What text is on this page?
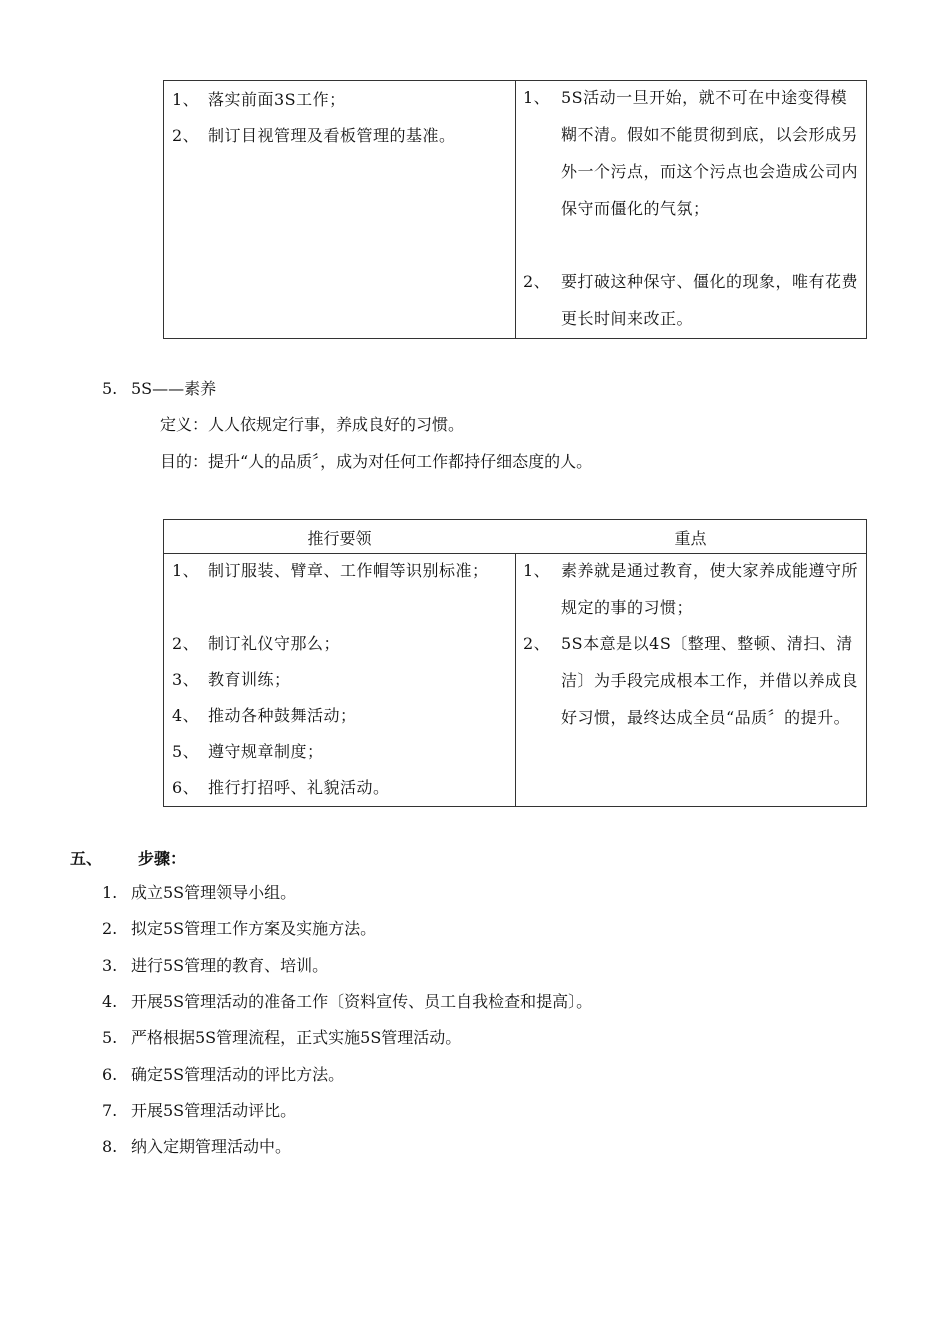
1、 落实前面3S工作；
2、 制订目视管理及看板管理的基准。
1、 5S活动一旦开始，就不可在中途变得模糊不清。假如不能贯彻到底，以会形成另外一个污点，而这个污点也会造成公司内保守而僵化的气氛；
2、 要打破这种保守、僵化的现象，唯有花费更长时间来改正。
5. 5S——素养
定义：人人依规定行事，养成良好的习惯。
目的：提升“人的品质〞，成为对任何工作都持仔细态度的人。
推行要领	重点
1、 制订服装、臂章、工作帽等识别标准；
2、 制订礼仪守那么；
3、 教育训练；
4、 推动各种鼓舞活动；
5、 遵守规章制度；
6、 推行打招呼、礼貌活动。
1、 素养就是通过教育，使大家养成能遵守所规定的事的习惯；
2、 5S本意是以4S〔整理、整顿、清扫、清洁〕为手段完成根本工作，并借以养成良好习惯，最终达成全员“品质〞的提升。
五、 步骤：
1. 成立5S管理领导小组。
2. 拟定5S管理工作方案及实施方法。
3. 进行5S管理的教育、培训。
4. 开展5S管理活动的准备工作〔资料宣传、员工自我检查和提高〕。
5. 严格根据5S管理流程，正式实施5S管理活动。
6. 确定5S管理活动的评比方法。
7. 开展5S管理活动评比。
8. 纳入定期管理活动中。
